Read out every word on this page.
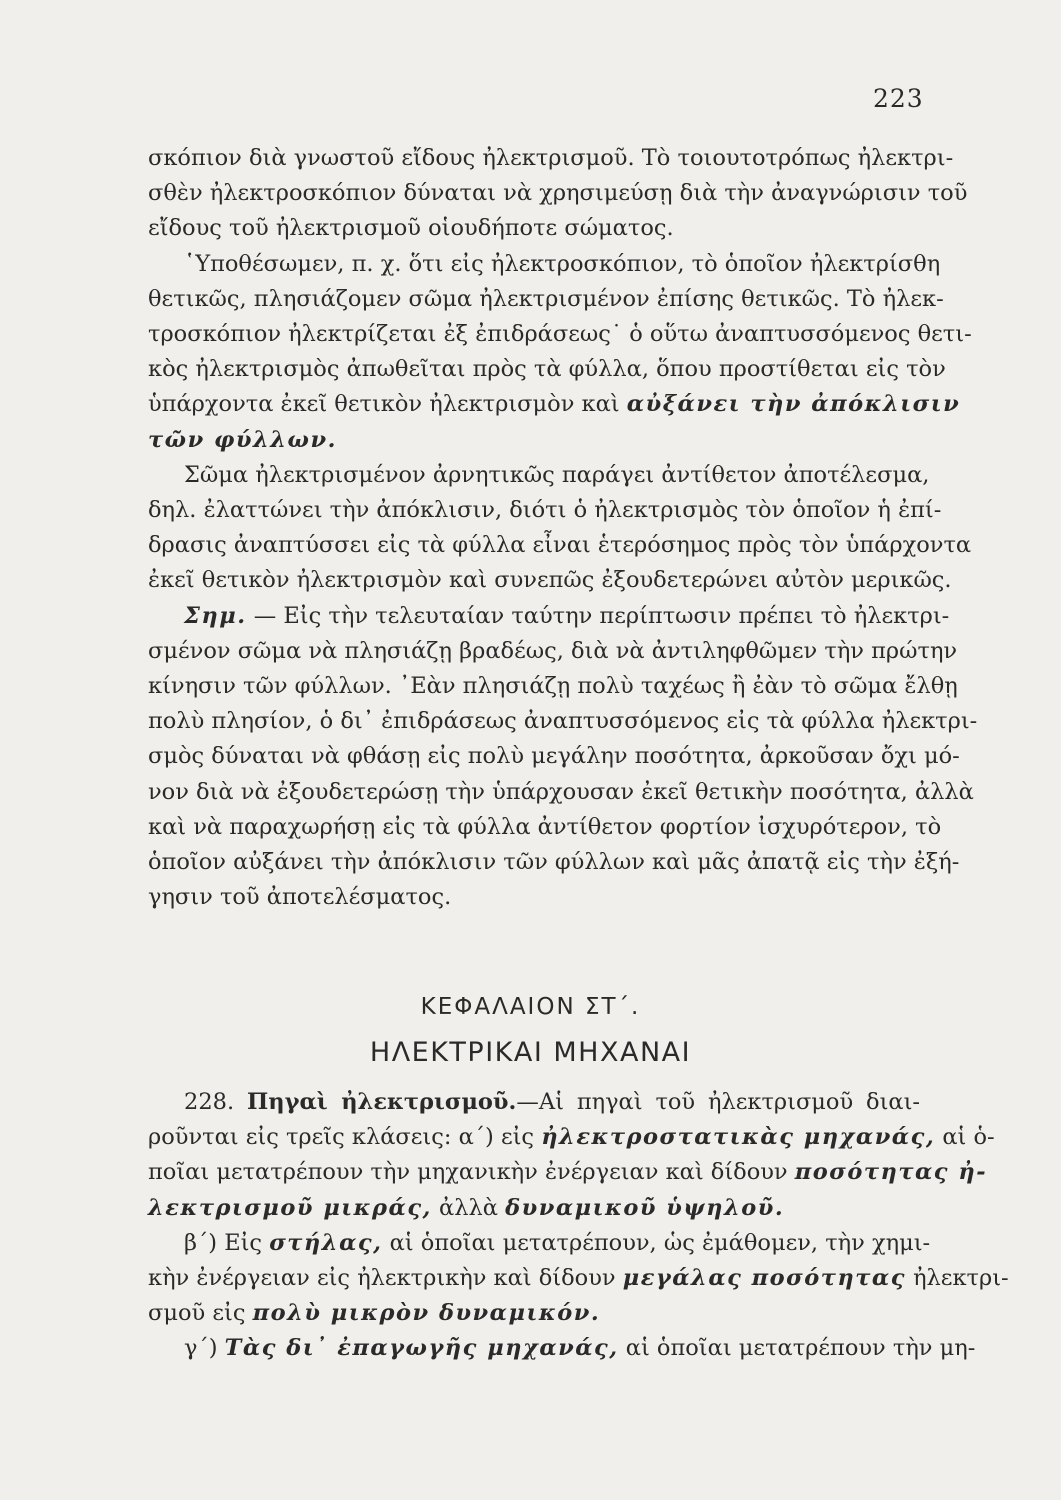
223
σκόπιον διὰ γνωστοῦ εἴδους ἠλεκτρισμοῦ. Τὸ τοιουτοτρόπως ἠλεκτρι-
σθὲν ἠλεκτροσκόπιον δύναται νὰ χρησιμεύσῃ διὰ τὴν ἀναγνώρισιν τοῦ
εἴδους τοῦ ἠλεκτρισμοῦ οἱουδήποτε σώματος.
῾Υποθέσωμεν, π. χ. ὅτι εἰς ἠλεκτροσκόπιον, τὸ ὁποῖον ἠλεκτρίσθη
θετικῶς, πλησιάζομεν σῶμα ἠλεκτρισμένον ἐπίσης θετικῶς. Τὸ ἠλεκ-
τροσκόπιον ἠλεκτρίζεται ἐξ ἐπιδράσεως˙ ὁ οὕτω ἀναπτυσσόμενος θετι-
κὸς ἠλεκτρισμὸς ἀπωθεῖται πρὸς τὰ φύλλα, ὅπου προστίθεται εἰς τὸν
ὑπάρχοντα ἐκεῖ θετικὸν ἠλεκτρισμὸν καὶ αὐξάνει τὴν ἀπόκλισιν
τῶν φύλλων.
Σῶμα ἠλεκτρισμένον ἀρνητικῶς παράγει ἀντίθετον ἀποτέλεσμα,
δηλ. ἐλαττώνει τὴν ἀπόκλισιν, διότι ὁ ἠλεκτρισμὸς τὸν ὁποῖον ἡ ἐπί-
δρασις ἀναπτύσσει εἰς τὰ φύλλα εἶναι ἑτερόσημος πρὸς τὸν ὑπάρχοντα
ἐκεῖ θετικὸν ἠλεκτρισμὸν καὶ συνεπῶς ἐξουδετερώνει αὐτὸν μερικῶς.
Σημ. — Εἰς τὴν τελευταίαν ταύτην περίπτωσιν πρέπει τὸ ἠλεκτρι-
σμένον σῶμα νὰ πλησιάζῃ βραδέως, διὰ νὰ ἀντιληφθῶμεν τὴν πρώτην
κίνησιν τῶν φύλλων. ᾿Εὰν πλησιάζῃ πολὺ ταχέως ἢ ἐὰν τὸ σῶμα ἔλθῃ
πολὺ πλησίον, ὁ δι᾿ ἐπιδράσεως ἀναπτυσσόμενος εἰς τὰ φύλλα ἠλεκτρι-
σμὸς δύναται νὰ φθάσῃ εἰς πολὺ μεγάλην ποσότητα, ἀρκοῦσαν ὄχι μό-
νον διὰ νὰ ἐξουδετερώσῃ τὴν ὑπάρχουσαν ἐκεῖ θετικὴν ποσότητα, ἀλλὰ
καὶ νὰ παραχωρήσῃ εἰς τὰ φύλλα ἀντίθετον φορτίον ἰσχυρότερον, τὸ
ὁποῖον αὐξάνει τὴν ἀπόκλισιν τῶν φύλλων καὶ μᾶς ἀπατᾷ εἰς τὴν ἐξή-
γησιν τοῦ ἀποτελέσματος.
ΚΕΦΑΛΑΙΟΝ ΣΤ΄.
ΗΛΕΚΤΡΙΚΑΙ ΜΗΧΑΝΑΙ
228. Πηγαὶ ἠλεκτρισμοῦ.—Αἱ πηγαὶ τοῦ ἠλεκτρισμοῦ διαι-
ροῦνται εἰς τρεῖς κλάσεις: α΄) εἰς ἠλεκτροστατικὰς μηχανάς, αἱ ὁ-
ποῖαι μετατρέπουν τὴν μηχανικὴν ἐνέργειαν καὶ δίδουν ποσότητας ἠ-
λεκτρισμοῦ μικράς, ἀλλὰ δυναμικοῦ ὑψηλοῦ.
β΄) Εἰς στήλας, αἱ ὁποῖαι μετατρέπουν, ὡς ἐμάθομεν, τὴν χημι-
κὴν ἐνέργειαν εἰς ἠλεκτρικὴν καὶ δίδουν μεγάλας ποσότητας ἠλεκτρι-
σμοῦ εἰς πολὺ μικρὸν δυναμικόν.
γ΄) Τὰς δι᾿ ἐπαγωγῆς μηχανάς, αἱ ὁποῖαι μετατρέπουν τὴν μη-
